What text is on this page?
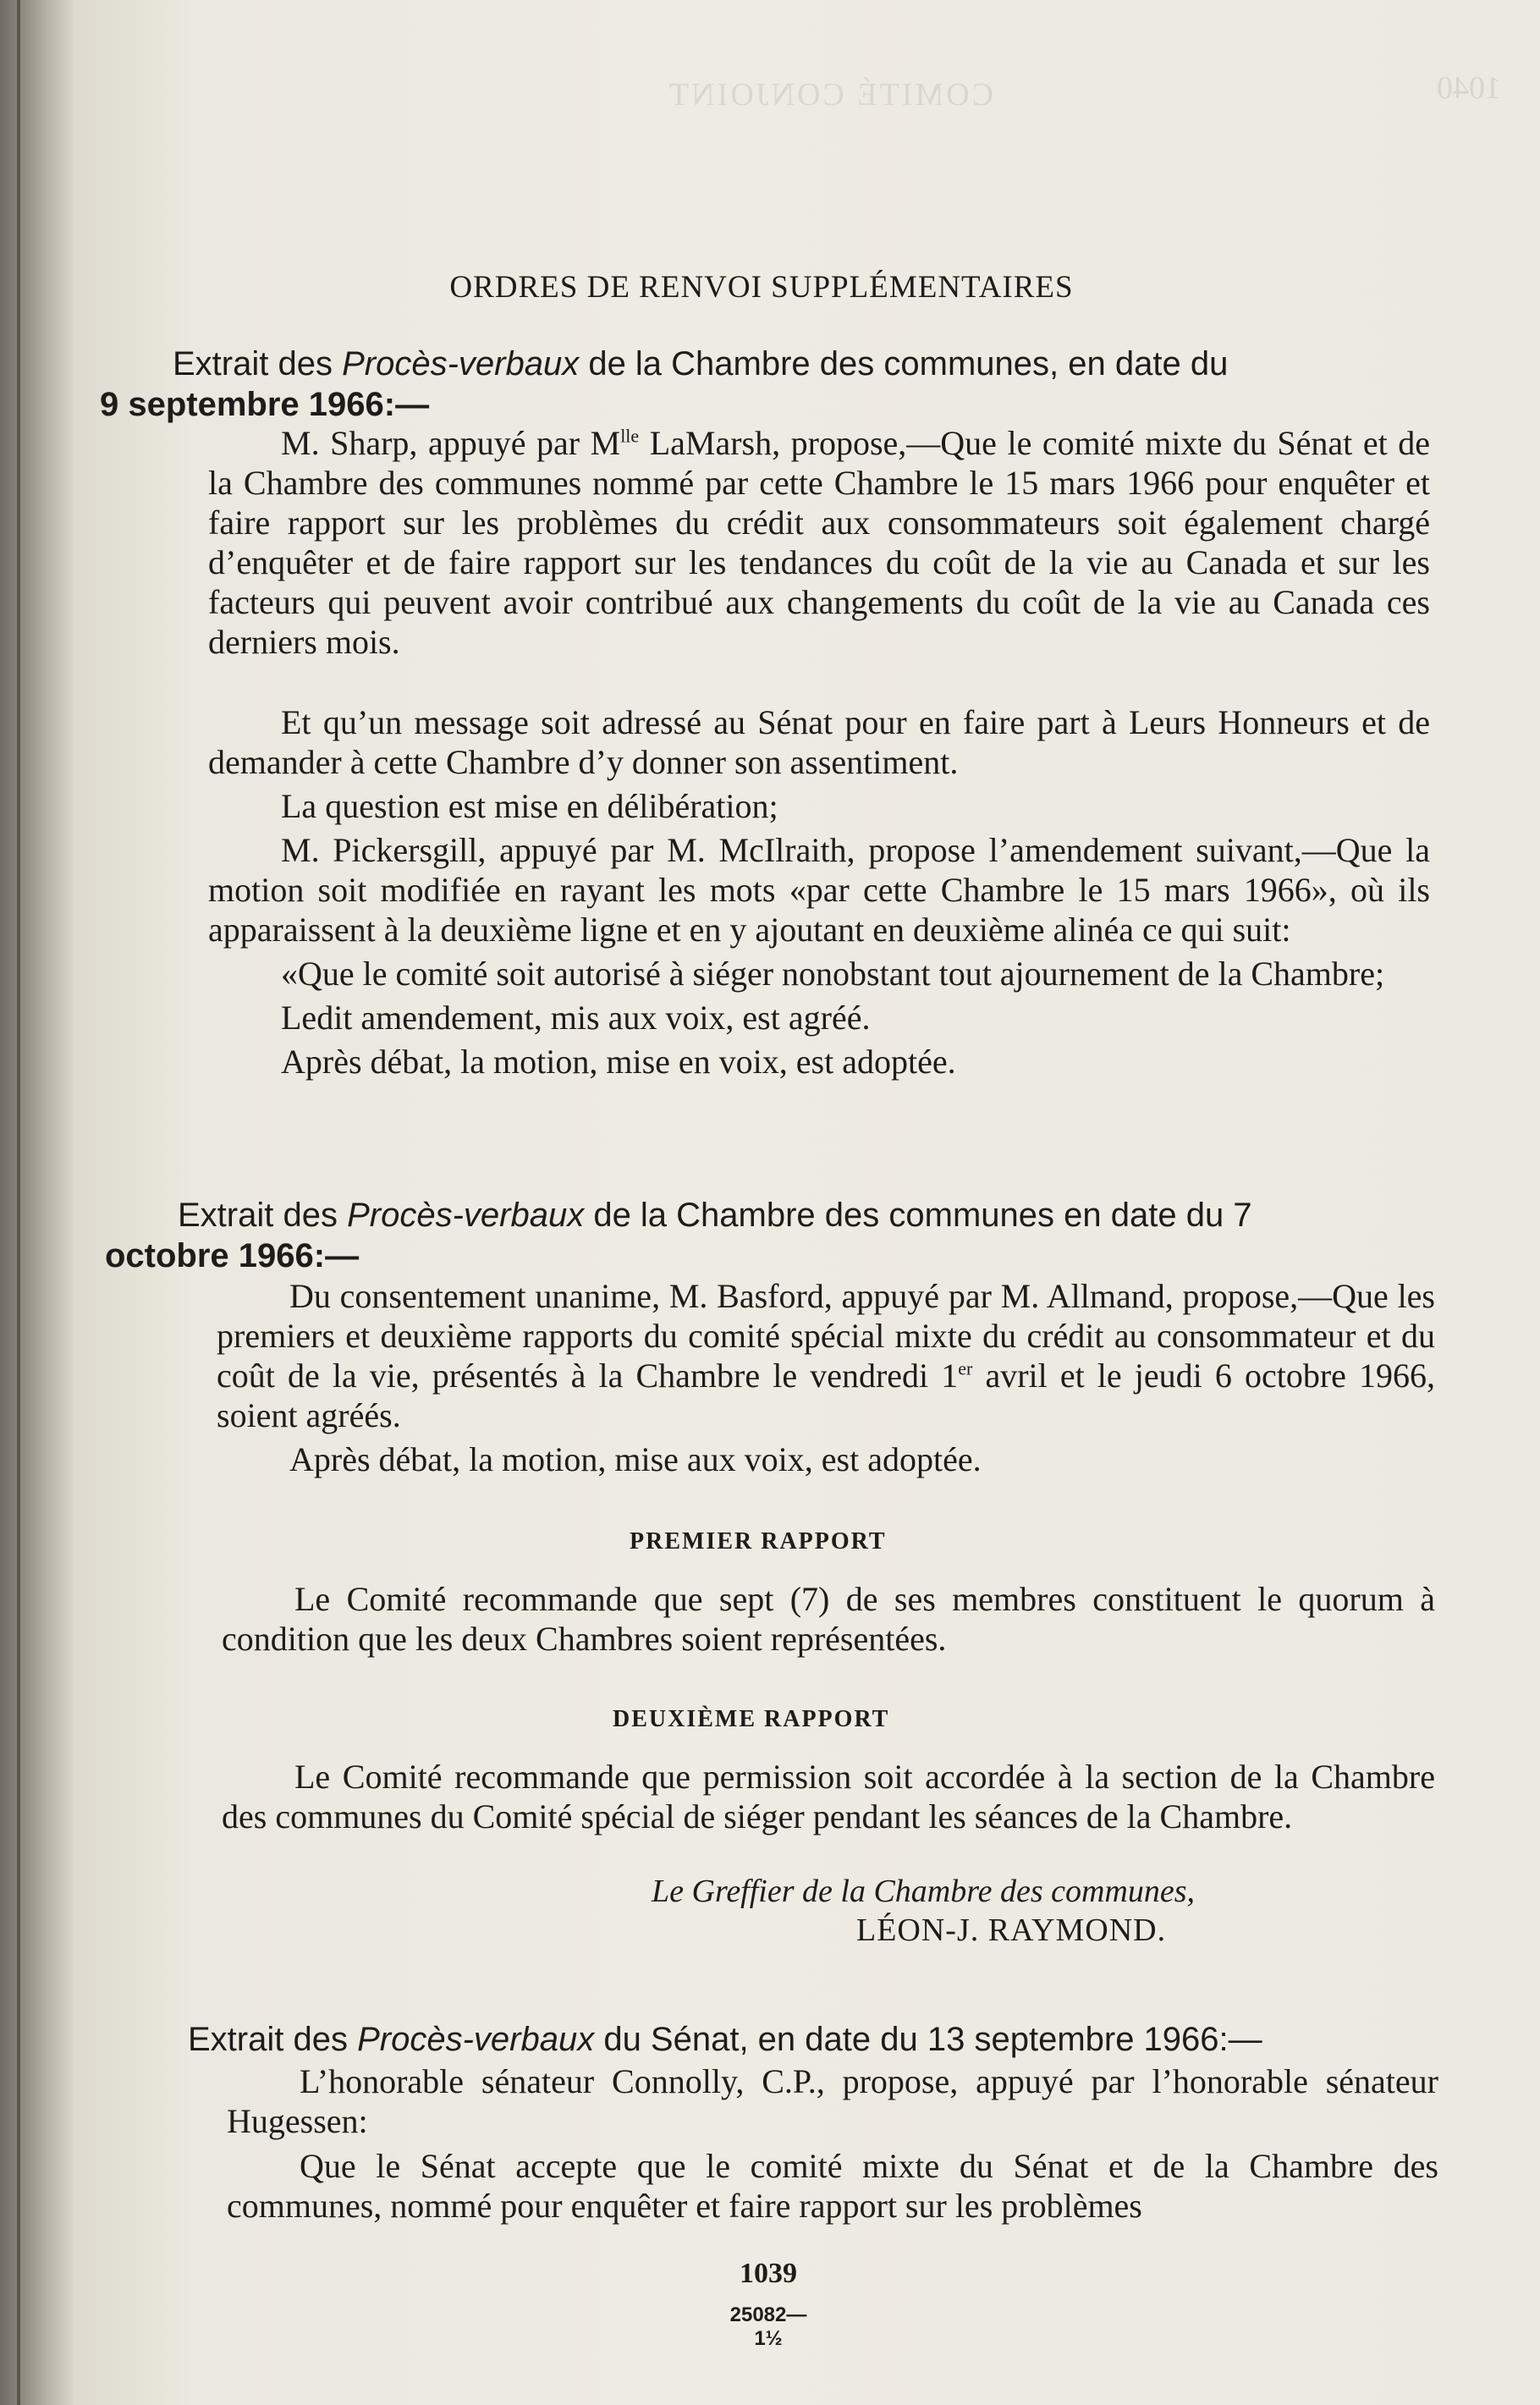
COMITÉ CONJOINT	1040
ORDRES DE RENVOI SUPPLÉMENTAIRES

Extrait des Procès-verbaux de la Chambre des communes, en date du

9 septembre 1966:—

M. Sharp, appuyé par $M^{lle}$ LaMarsh, propose,—Que le comité mixte du Sénat et de la Chambre des communes nommé par cette Chambre le 15 mars 1966 pour enquêter et faire rapport sur les problèmes du crédit aux consommateurs soit également chargé d’enquêter et de faire rapport sur les tendances du coût de la vie au Canada et sur les facteurs qui peuvent avoir contribué aux changements du coût de la vie au Canada ces derniers mois.

Et qu’un message soit adressé au Sénat pour en faire part à Leurs Honneurs et de demander à cette Chambre d’y donner son assentiment.

La question est mise en délibération;

M. Pickersgill, appuyé par M. McIlraith, propose l’amendement suivant,—Que la motion soit modifiée en rayant les mots «par cette Chambre le 15 mars 1966», où ils apparaissent à la deuxième ligne et en y ajoutant en deuxième alinéa ce qui suit:

«Que le comité soit autorisé à siéger nonobstant tout ajournement de la Chambre;

Ledit amendement, mis aux voix, est agréé.

Après débat, la motion, mise en voix, est adoptée.

Extrait des Procès-verbaux de la Chambre des communes en date du 7

octobre 1966:—

Du consentement unanime, M. Basford, appuyé par M. Allmand, propose,—Que les premiers et deuxième rapports du comité spécial mixte du crédit au consommateur et du coût de la vie, présentés à la Chambre le vendredi 1er avril et le jeudi 6 octobre 1966, soient agréés.

Après débat, la motion, mise aux voix, est adoptée.

PREMIER RAPPORT

Le Comité recommande que sept (7) de ses membres constituent le quorum à condition que les deux Chambres soient représentées.

DEUXIÈME RAPPORT

Le Comité recommande que permission soit accordée à la section de la Chambre des communes du Comité spécial de siéger pendant les séances de la Chambre.

Le Greffier de la Chambre des communes,
LÉON-J. RAYMOND.

Extrait des Procès-verbaux du Sénat, en date du 13 septembre 1966:—

L’honorable sénateur Connolly, C.P., propose, appuyé par l’honorable sénateur Hugessen:

Que le Sénat accepte que le comité mixte du Sénat et de la Chambre des communes, nommé pour enquêter et faire rapport sur les problèmes

1039
25082—1½
